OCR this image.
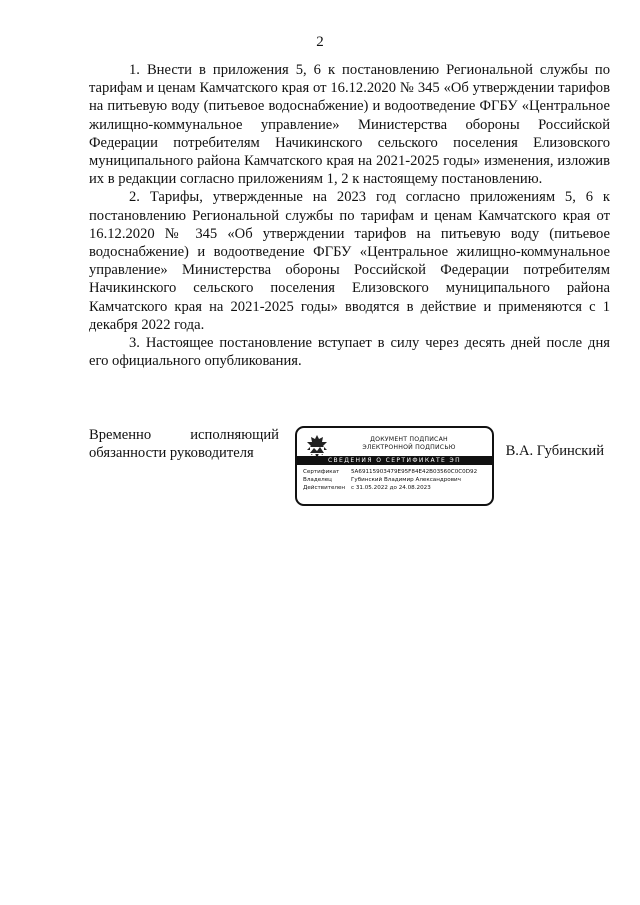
2

1. Внести в приложения 5, 6 к постановлению Региональной службы по тарифам и ценам Камчатского края от 16.12.2020 № 345 «Об утверждении тарифов на питьевую воду (питьевое водоснабжение) и водоотведение ФГБУ «Центральное жилищно-коммунальное управление» Министерства обороны Российской Федерации потребителям Начикинского сельского поселения Елизовского муниципального района Камчатского края на 2021-2025 годы» изменения, изложив их в редакции согласно приложениям 1, 2 к настоящему постановлению.

2. Тарифы, утвержденные на 2023 год согласно приложениям 5, 6 к постановлению Региональной службы по тарифам и ценам Камчатского края от 16.12.2020 № 345 «Об утверждении тарифов на питьевую воду (питьевое водоснабжение) и водоотведение ФГБУ «Центральное жилищно-коммунальное управление» Министерства обороны Российской Федерации потребителям Начикинского сельского поселения Елизовского муниципального района Камчатского края на 2021-2025 годы» вводятся в действие и применяются с 1 декабря 2022 года.

3. Настоящее постановление вступает в силу через десять дней после дня его официального опубликования.

Временно	исполняющий
обязанности руководителя
ДОКУМЕНТ ПОДПИСАН
ЭЛЕКТРОННОЙ ПОДПИСЬЮ
СВЕДЕНИЯ О СЕРТИФИКАТЕ ЭП
Сертификат	5A69115903479E95F84E42B03560C0C0D92
Владелец	Губинский Владимир Александрович
Действителен	с 31.05.2022 до 24.08.2023
В.А. Губинский
